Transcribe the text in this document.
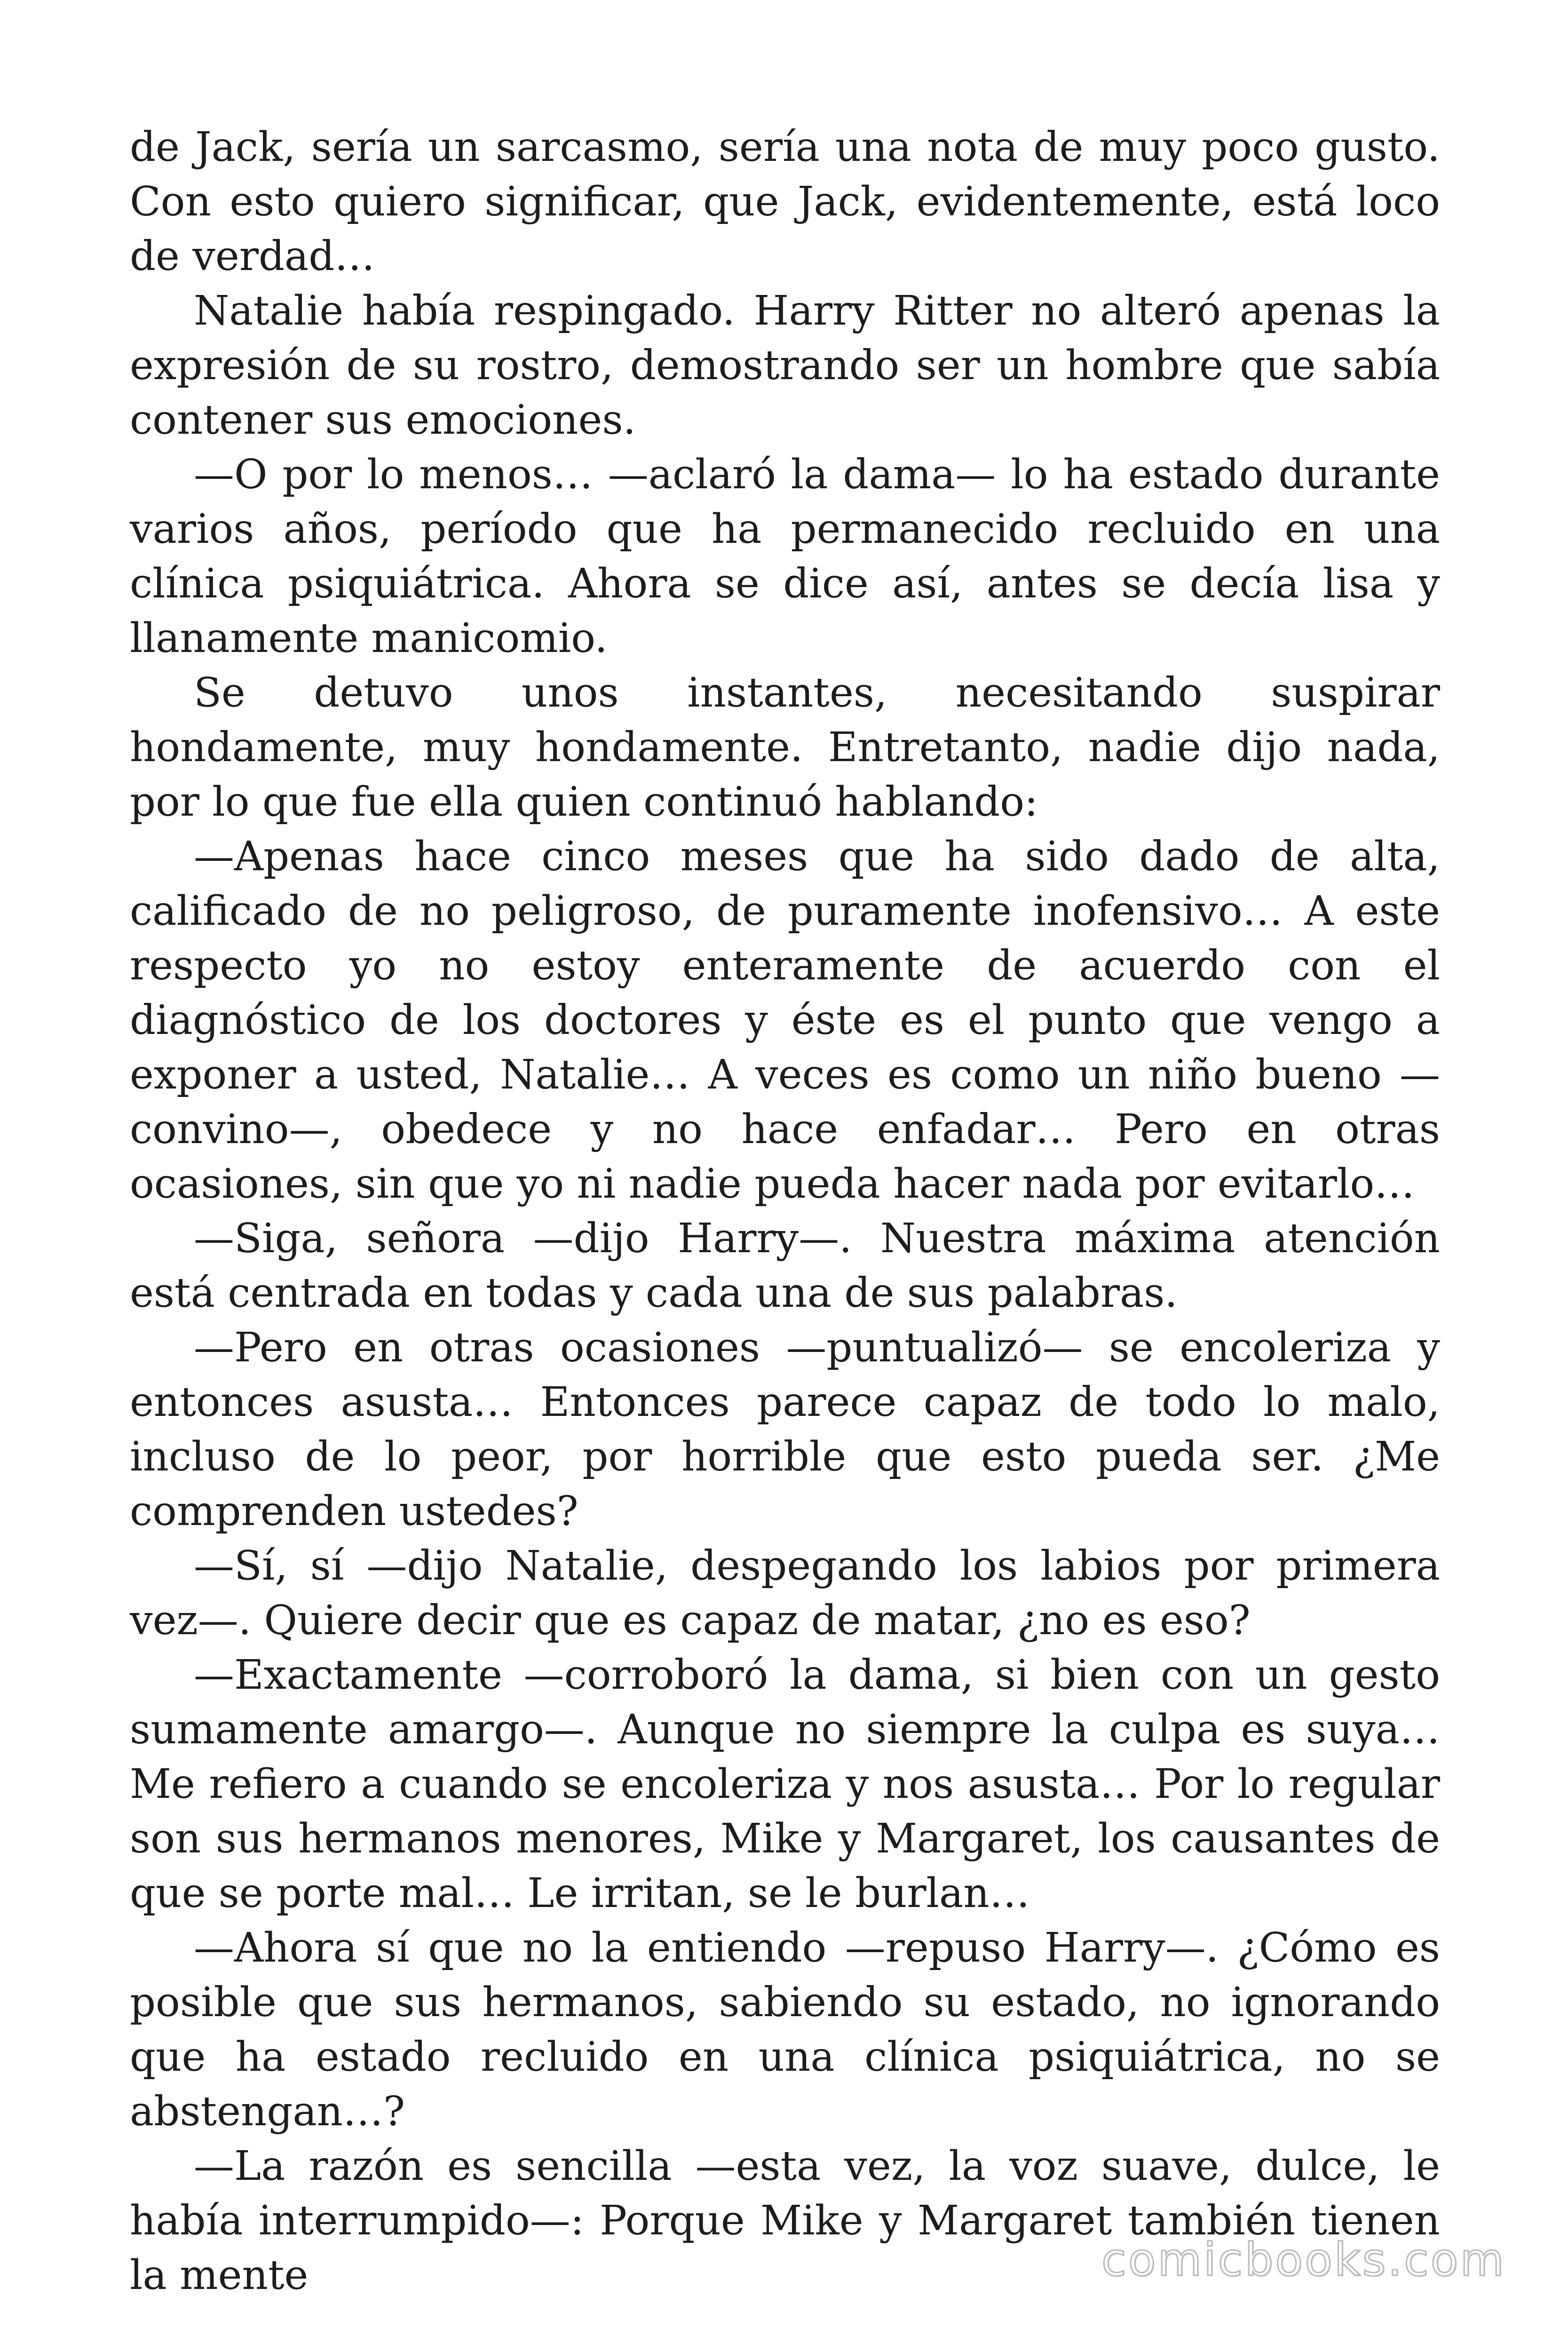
de Jack, sería un sarcasmo, sería una nota de muy poco gusto. Con esto quiero significar, que Jack, evidentemente, está loco de verdad…

Natalie había respingado. Harry Ritter no alteró apenas la expresión de su rostro, demostrando ser un hombre que sabía contener sus emociones.

—O por lo menos… —aclaró la dama— lo ha estado durante varios años, período que ha permanecido recluido en una clínica psiquiátrica. Ahora se dice así, antes se decía lisa y llanamente manicomio.

Se detuvo unos instantes, necesitando suspirar hondamente, muy hondamente. Entretanto, nadie dijo nada, por lo que fue ella quien continuó hablando:

—Apenas hace cinco meses que ha sido dado de alta, calificado de no peligroso, de puramente inofensivo… A este respecto yo no estoy enteramente de acuerdo con el diagnóstico de los doctores y éste es el punto que vengo a exponer a usted, Natalie… A veces es como un niño bueno —convino—, obedece y no hace enfadar… Pero en otras ocasiones, sin que yo ni nadie pueda hacer nada por evitarlo…

—Siga, señora —dijo Harry—. Nuestra máxima atención está centrada en todas y cada una de sus palabras.

—Pero en otras ocasiones —puntualizó— se encoleriza y entonces asusta… Entonces parece capaz de todo lo malo, incluso de lo peor, por horrible que esto pueda ser. ¿Me comprenden ustedes?

—Sí, sí —dijo Natalie, despegando los labios por primera vez—. Quiere decir que es capaz de matar, ¿no es eso?

—Exactamente —corroboró la dama, si bien con un gesto sumamente amargo—. Aunque no siempre la culpa es suya… Me refiero a cuando se encoleriza y nos asusta… Por lo regular son sus hermanos menores, Mike y Margaret, los causantes de que se porte mal… Le irritan, se le burlan…

—Ahora sí que no la entiendo —repuso Harry—. ¿Cómo es posible que sus hermanos, sabiendo su estado, no ignorando que ha estado recluido en una clínica psiquiátrica, no se abstengan…?

—La razón es sencilla —esta vez, la voz suave, dulce, le había interrumpido—: Porque Mike y Margaret también tienen la mente	comicbooks.com
